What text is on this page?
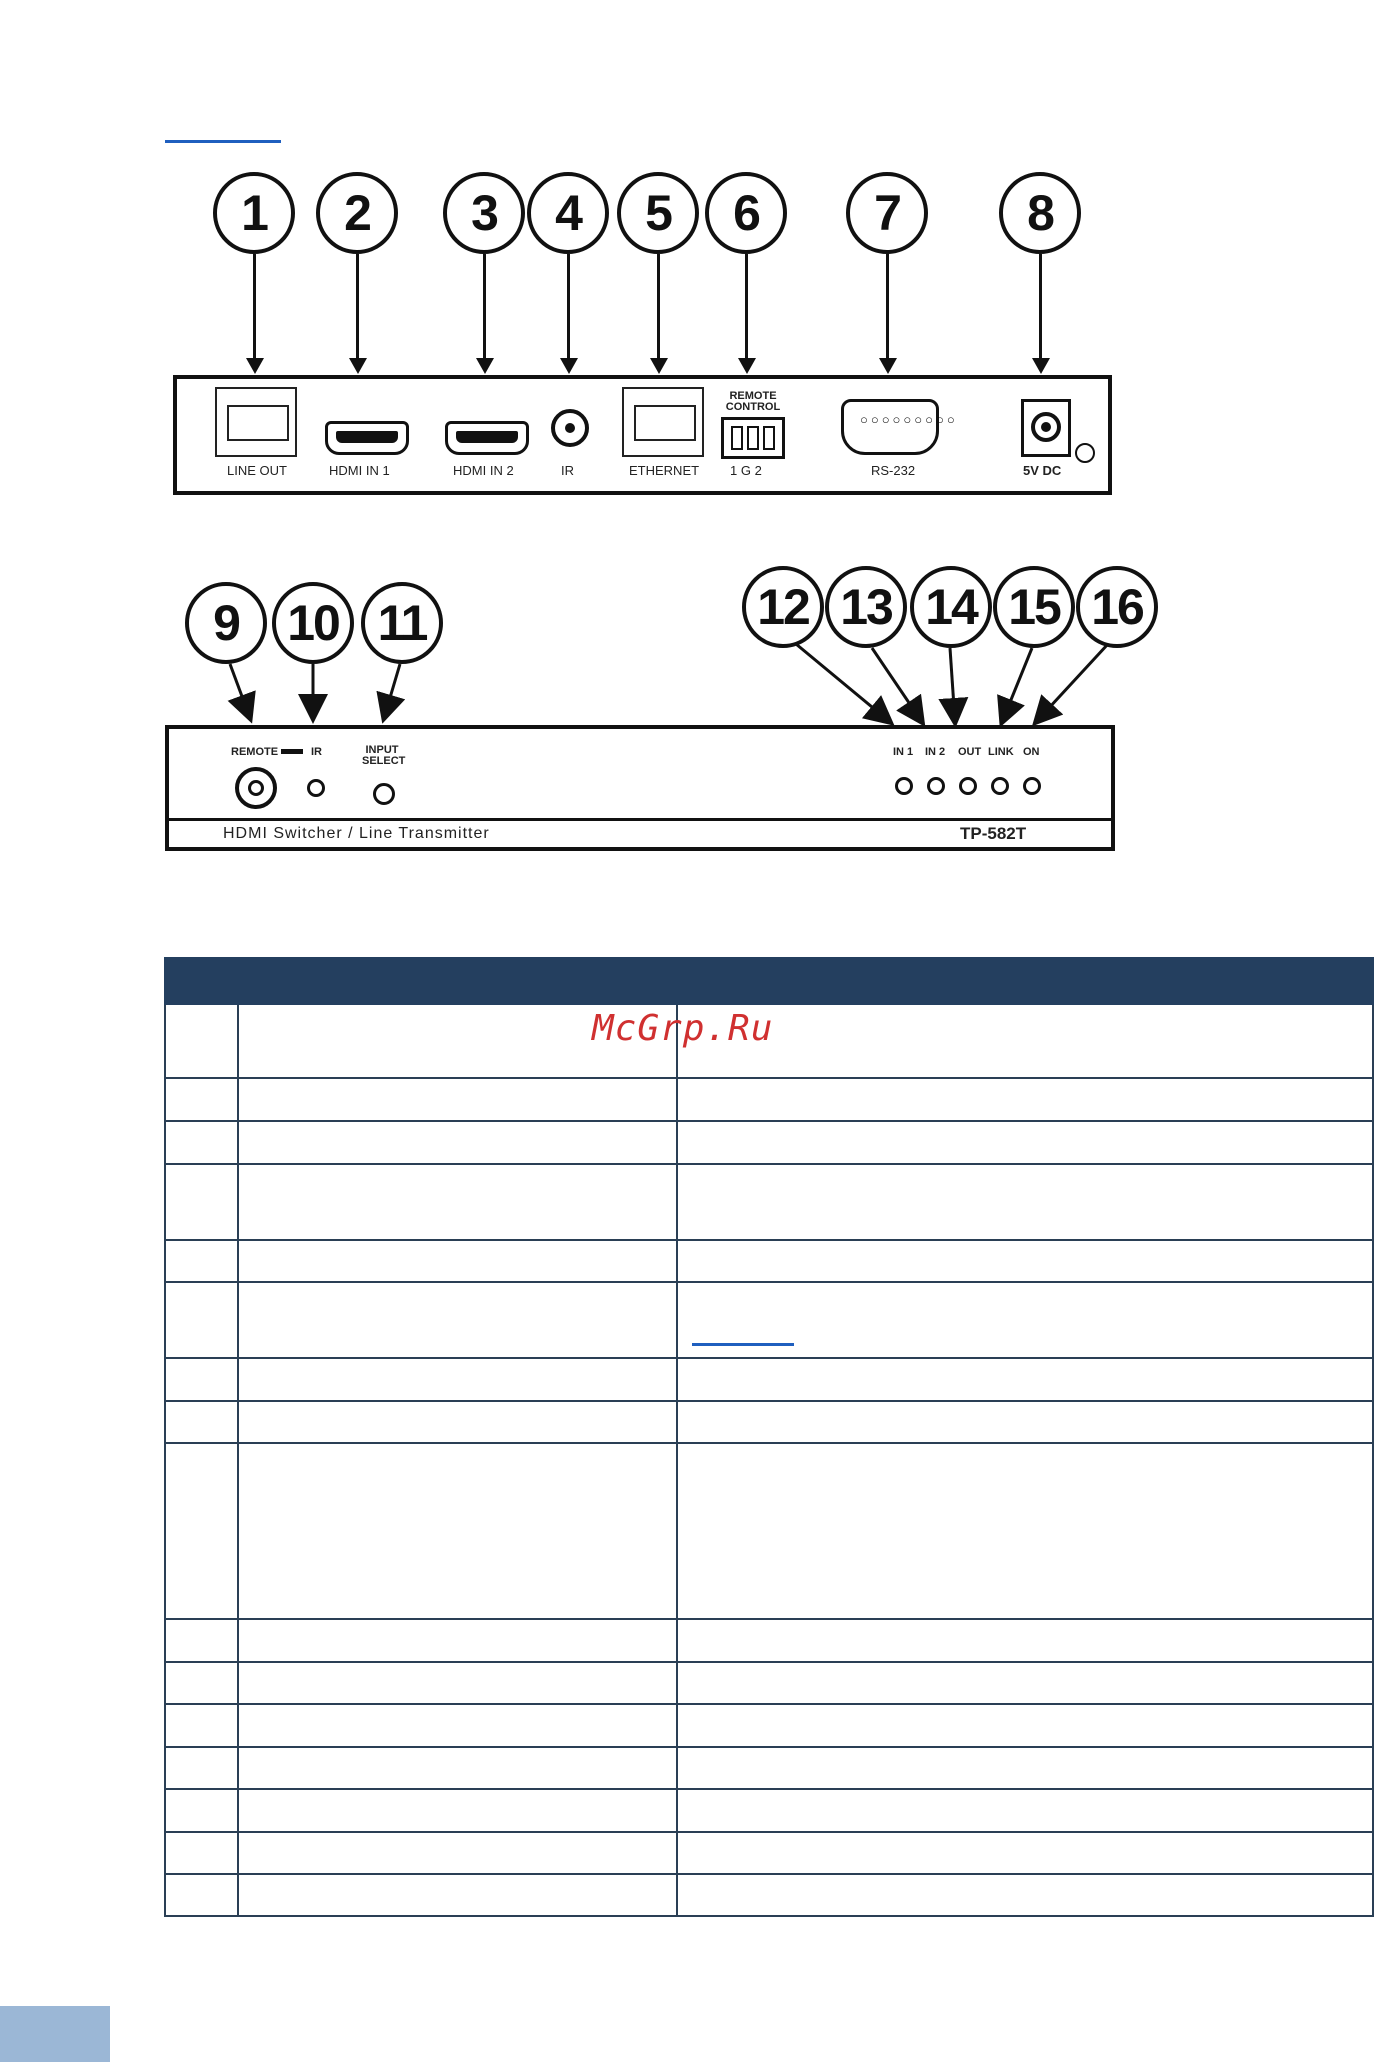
1	2	3	4	5	6	7	8
LINE OUT	HDMI IN 1	HDMI IN 2	IR	ETHERNET
REMOTE CONTROL
1 G 2
○○○○○○○○○
RS-232	5V DC
9 10 11	12 13 14 15 16
REMOTE	IR	INPUT SELECT
IN 1 IN 2 OUT LINK ON
HDMI Switcher / Line Transmitter	TP-582T

McGrp.Ru
